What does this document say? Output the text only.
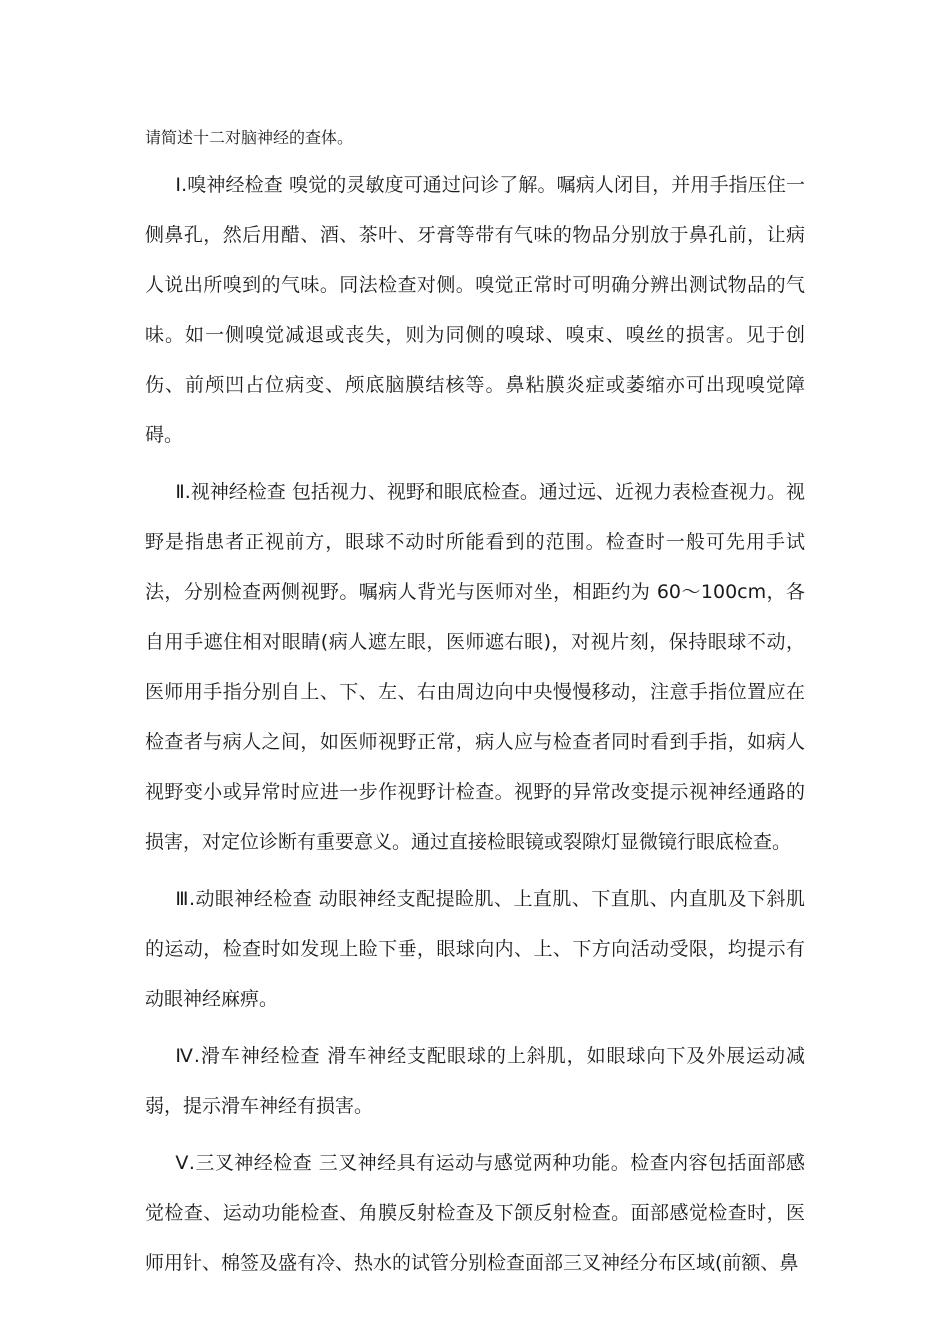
请简述十二对脑神经的查体。

Ⅰ.嗅神经检查 嗅觉的灵敏度可通过问诊了解。嘱病人闭目，并用手指压住一侧鼻孔，然后用醋、酒、茶叶、牙膏等带有气味的物品分别放于鼻孔前，让病人说出所嗅到的气味。同法检查对侧。嗅觉正常时可明确分辨出测试物品的气味。如一侧嗅觉减退或丧失，则为同侧的嗅球、嗅束、嗅丝的损害。见于创伤、前颅凹占位病变、颅底脑膜结核等。鼻粘膜炎症或萎缩亦可出现嗅觉障碍。

Ⅱ.视神经检查 包括视力、视野和眼底检查。通过远、近视力表检查视力。视野是指患者正视前方，眼球不动时所能看到的范围。检查时一般可先用手试法，分别检查两侧视野。嘱病人背光与医师对坐，相距约为 60～100cm，各自用手遮住相对眼睛(病人遮左眼，医师遮右眼)，对视片刻，保持眼球不动，医师用手指分别自上、下、左、右由周边向中央慢慢移动，注意手指位置应在检查者与病人之间，如医师视野正常，病人应与检查者同时看到手指，如病人视野变小或异常时应进一步作视野计检查。视野的异常改变提示视神经通路的损害，对定位诊断有重要意义。通过直接检眼镜或裂隙灯显微镜行眼底检查。

Ⅲ.动眼神经检查 动眼神经支配提睑肌、上直肌、下直肌、内直肌及下斜肌的运动，检查时如发现上睑下垂，眼球向内、上、下方向活动受限，均提示有动眼神经麻痹。

Ⅳ.滑车神经检查 滑车神经支配眼球的上斜肌，如眼球向下及外展运动减弱，提示滑车神经有损害。

Ⅴ.三叉神经检查 三叉神经具有运动与感觉两种功能。检查内容包括面部感觉检查、运动功能检查、角膜反射检查及下颌反射检查。面部感觉检查时，医师用针、棉签及盛有冷、热水的试管分别检查面部三叉神经分布区域(前额、鼻
